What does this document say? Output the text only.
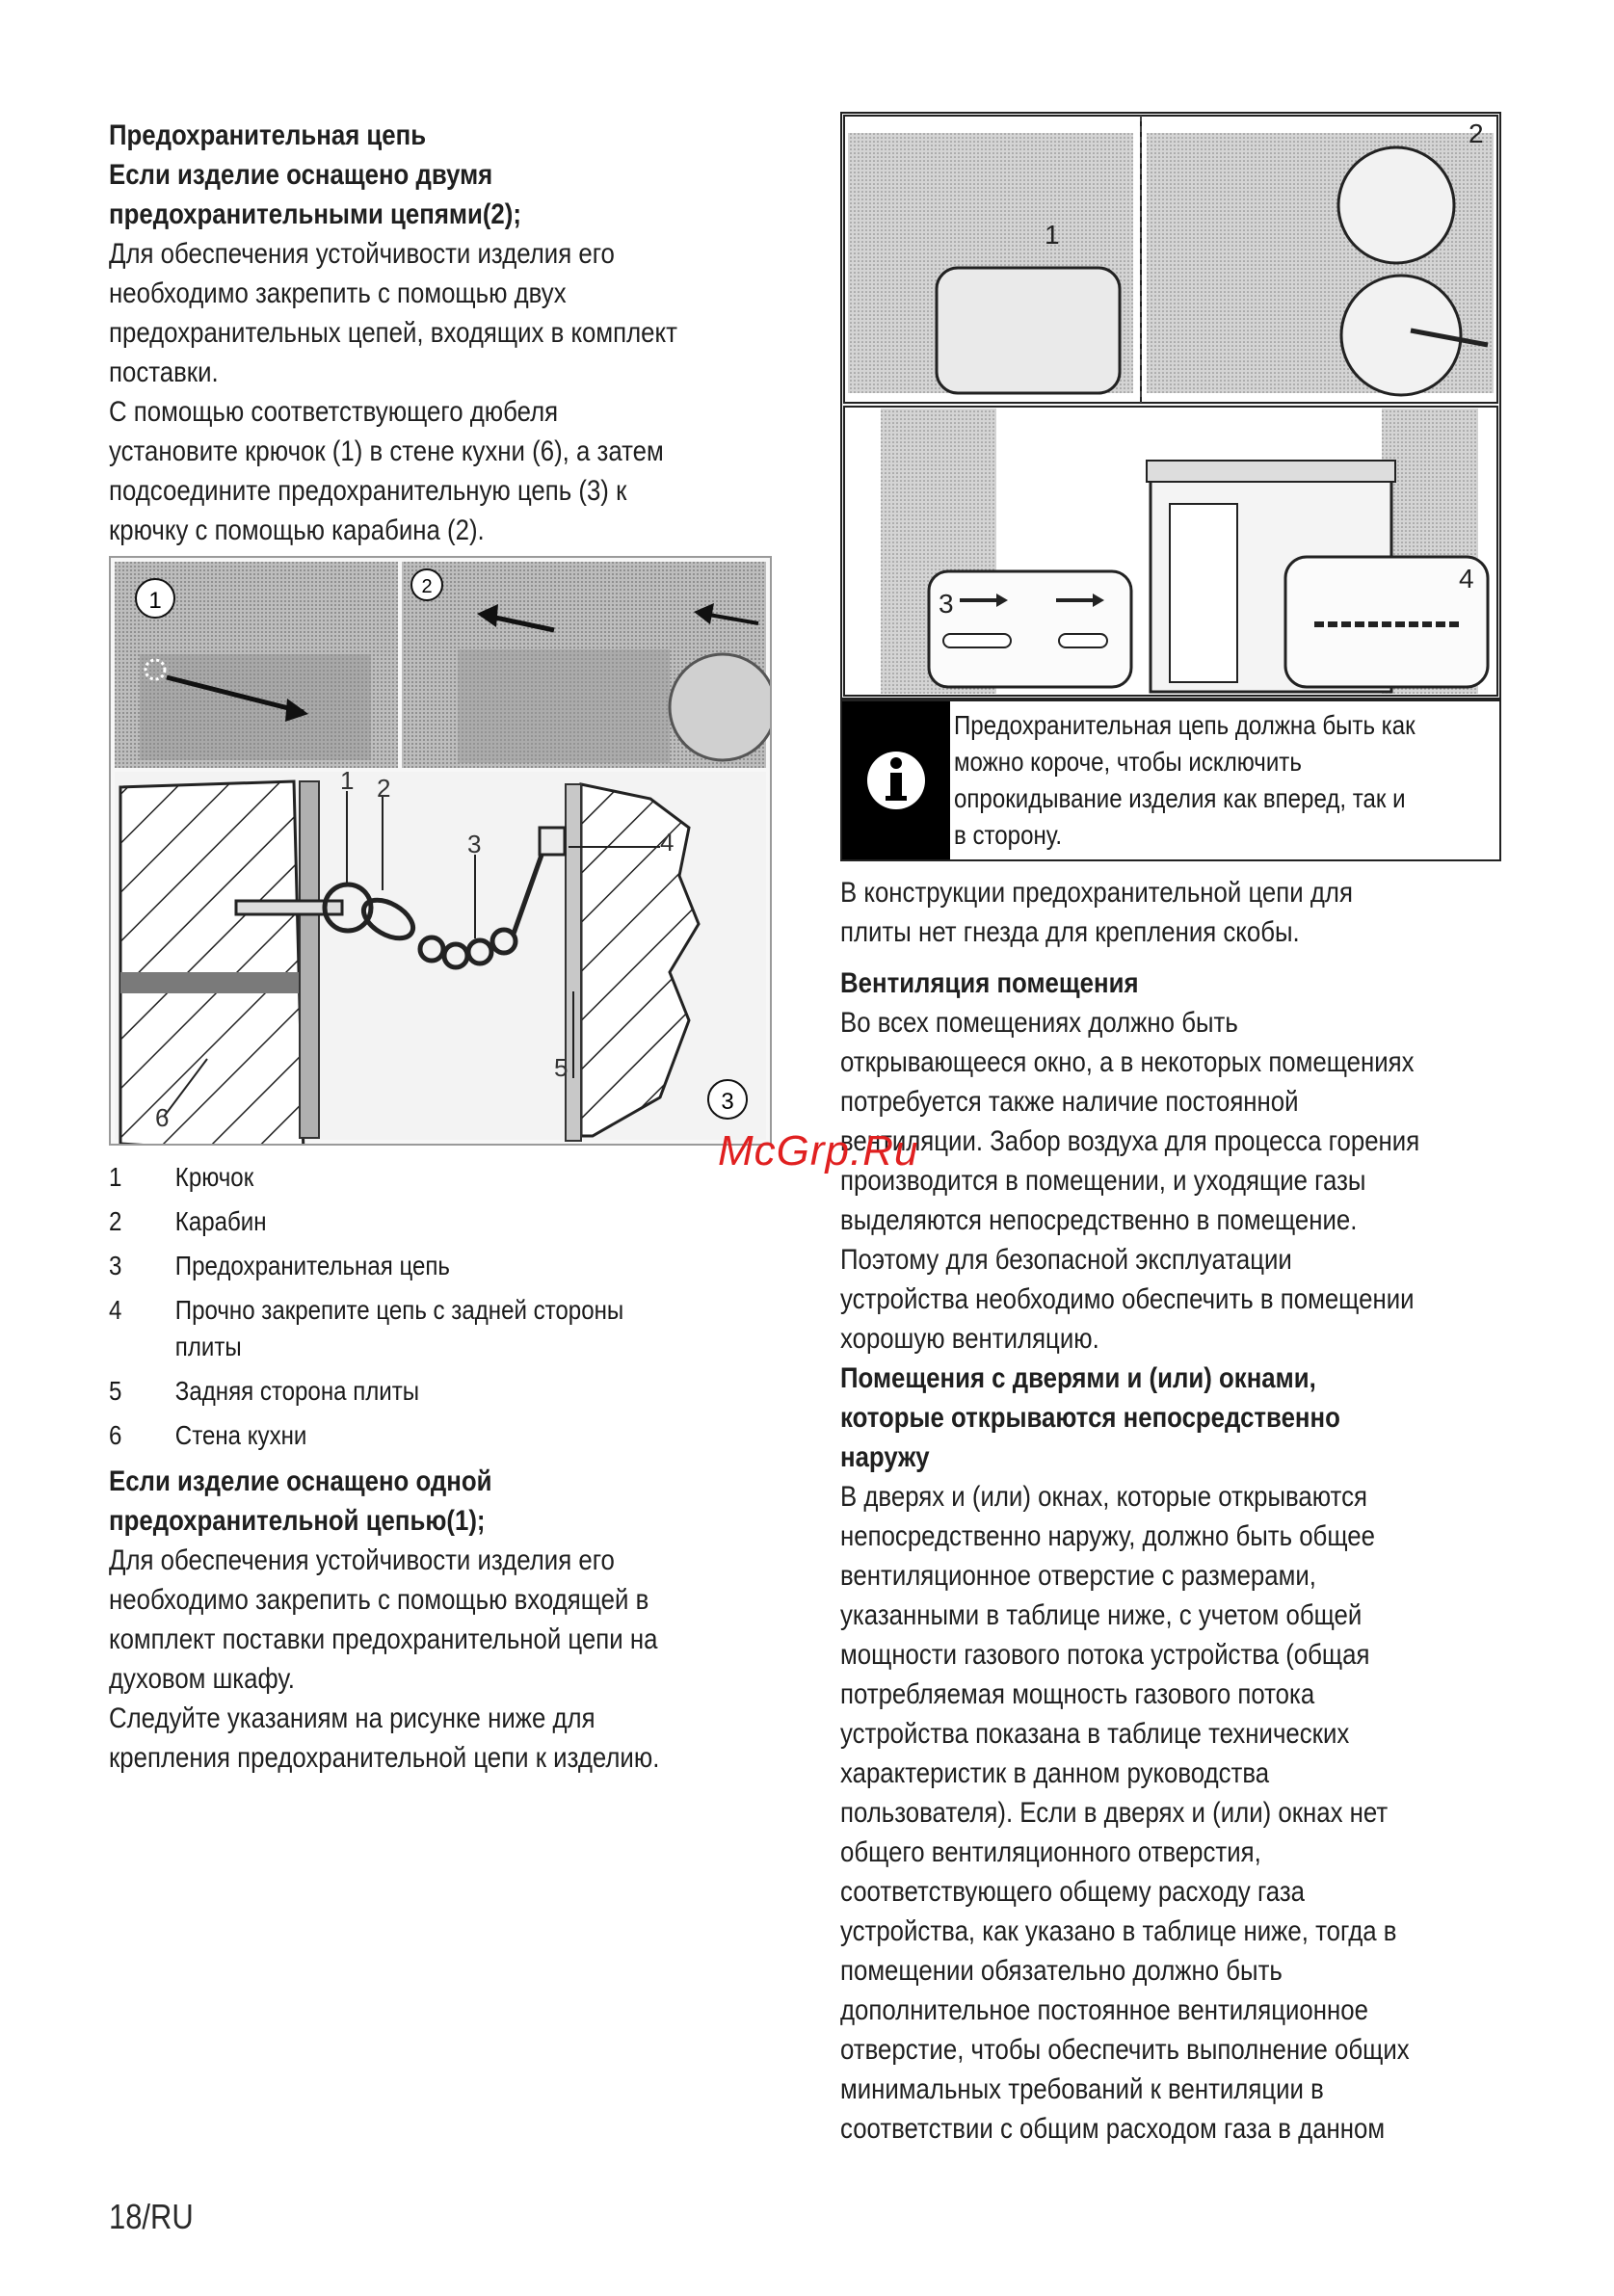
Предохранительная цепь

Если изделие оснащено двумя

предохранительными цепями(2);

Для обеспечения устойчивости изделия его

необходимо закрепить с помощью двух

предохранительных цепей, входящих в комплект

поставки.

С помощью соответствующего дюбеля

установите крючок (1) в стене кухни (6), а затем

подсоедините предохранительную цепь (3) к

крючку с помощью карабина (2).

1
2
1 2
3	4
5
6
3
1	Крючок
2	Карабин
3	Предохранительная цепь
4	Прочно закрепите цепь с задней стороны плиты
5	Задняя сторона плиты
6	Стена кухни

Если изделие оснащено одной

предохранительной цепью(1);

Для обеспечения устойчивости изделия его

необходимо закрепить с помощью входящей в

комплект поставки предохранительной цепи на

духовом шкафу.

Следуйте указаниям на рисунке ниже для

крепления предохранительной цепи к изделию.

1
2
3
4
Предохранительная цепь должна быть как
можно короче, чтобы исключить
опрокидывание изделия как вперед, так и
в сторону.

В конструкции предохранительной цепи для

плиты нет гнезда для крепления скобы.

Вентиляция помещения

Во всех помещениях должно быть

открывающееся окно, а в некоторых помещениях

потребуется также наличие постоянной

вентиляции. Забор воздуха для процесса горения

производится в помещении, и уходящие газы

выделяются непосредственно в помещение.

Поэтому для безопасной эксплуатации

устройства необходимо обеспечить в помещении

хорошую вентиляцию.

Помещения с дверями и (или) окнами,

которые открываются непосредственно

наружу

В дверях и (или) окнах, которые открываются

непосредственно наружу, должно быть общее

вентиляционное отверстие с размерами,

указанными в таблице ниже, с учетом общей

мощности газового потока устройства (общая

потребляемая мощность газового потока

устройства показана в таблице технических

характеристик в данном руководства

пользователя). Если в дверях и (или) окнах нет

общего вентиляционного отверстия,

соответствующего общему расходу газа

устройства, как указано в таблице ниже, тогда в

помещении обязательно должно быть

дополнительное постоянное вентиляционное

отверстие, чтобы обеспечить выполнение общих

минимальных требований к вентиляции в

соответствии с общим расходом газа в данном

McGrp.Ru
18/RU
